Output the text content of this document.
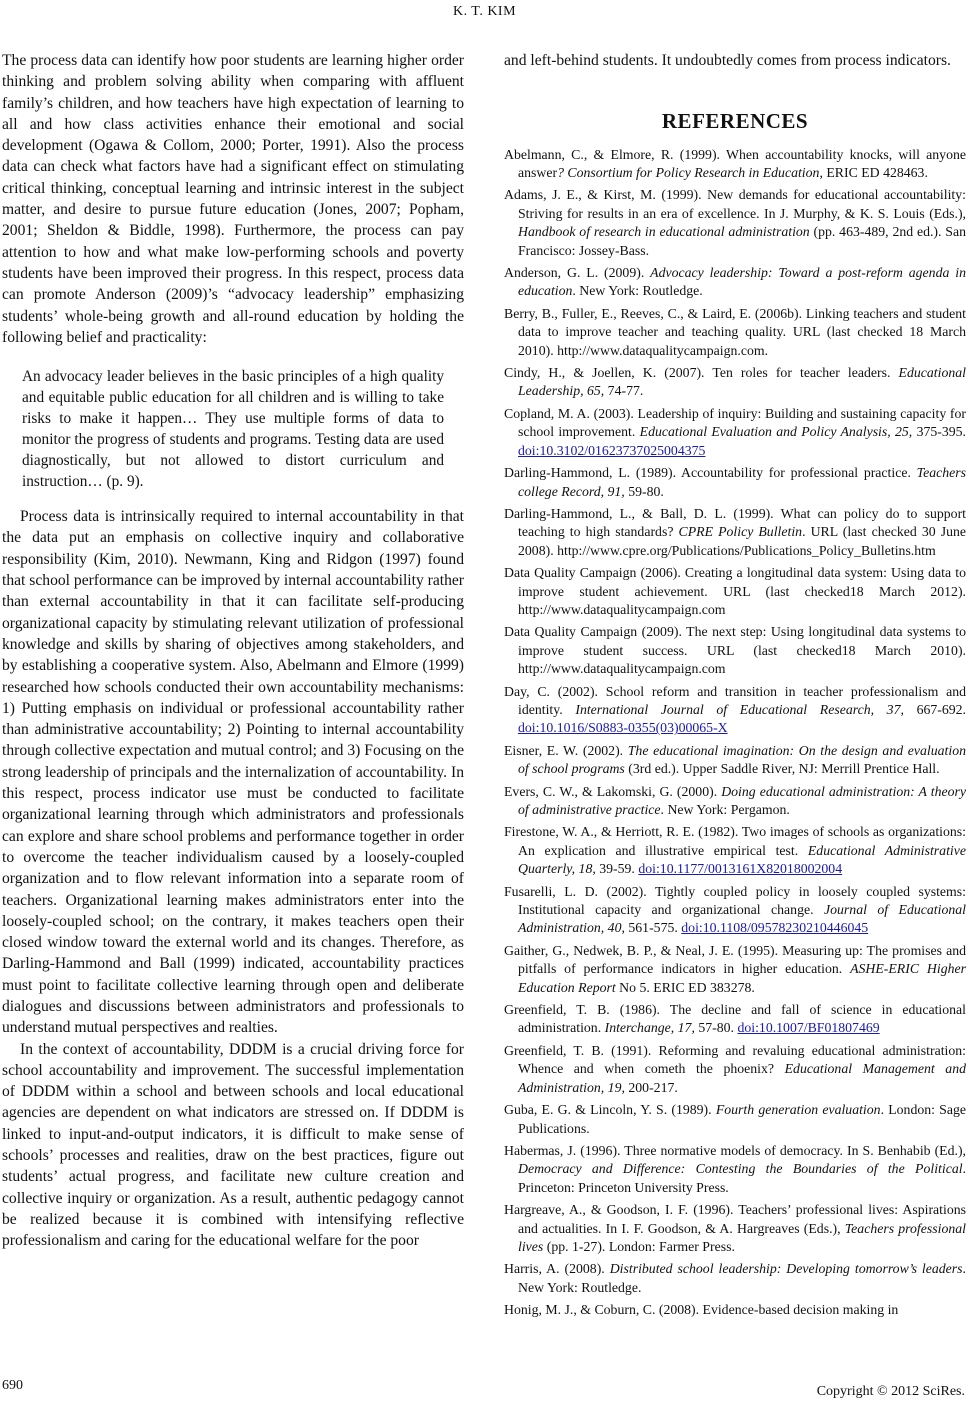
K. T. KIM

The process data can identify how poor students are learning higher order thinking and problem solving ability when comparing with affluent family’s children, and how teachers have high expectation of learning to all and how class activities enhance their emotional and social development (Ogawa & Collom, 2000; Porter, 1991). Also the process data can check what factors have had a significant effect on stimulating critical thinking, conceptual learning and intrinsic interest in the subject matter, and desire to pursue future education (Jones, 2007; Popham, 2001; Sheldon & Biddle, 1998). Furthermore, the process can pay attention to how and what make low-performing schools and poverty students have been improved their progress. In this respect, process data can promote Anderson (2009)’s “advocacy leadership” emphasizing students’ whole-being growth and all-round education by holding the following belief and practicality:

An advocacy leader believes in the basic principles of a high quality and equitable public education for all children and is willing to take risks to make it happen… They use multiple forms of data to monitor the progress of students and programs. Testing data are used diagnostically, but not allowed to distort curriculum and instruction… (p. 9).

Process data is intrinsically required to internal accountability in that the data put an emphasis on collective inquiry and collaborative responsibility (Kim, 2010). Newmann, King and Ridgon (1997) found that school performance can be improved by internal accountability rather than external accountability in that it can facilitate self-producing organizational capacity by stimulating relevant utilization of professional knowledge and skills by sharing of objectives among stakeholders, and by establishing a cooperative system. Also, Abelmann and Elmore (1999) researched how schools conducted their own accountability mechanisms: 1) Putting emphasis on individual or professional accountability rather than administrative accountability; 2) Pointing to internal accountability through collective expectation and mutual control; and 3) Focusing on the strong leadership of principals and the internalization of accountability. In this respect, process indicator use must be conducted to facilitate organizational learning through which administrators and professionals can explore and share school problems and performance together in order to overcome the teacher individualism caused by a loosely-coupled organization and to flow relevant information into a separate room of teachers. Organizational learning makes administrators enter into the loosely-coupled school; on the contrary, it makes teachers open their closed window toward the external world and its changes. Therefore, as Darling-Hammond and Ball (1999) indicated, accountability practices must point to facilitate collective learning through open and deliberate dialogues and discussions between administrators and professionals to understand mutual perspectives and realties.

In the context of accountability, DDDM is a crucial driving force for school accountability and improvement. The successful implementation of DDDM within a school and between schools and local educational agencies are dependent on what indicators are stressed on. If DDDM is linked to input-and-output indicators, it is difficult to make sense of schools’ processes and realities, draw on the best practices, figure out students’ actual progress, and facilitate new culture creation and collective inquiry or organization. As a result, authentic pedagogy cannot be realized because it is combined with intensifying reflective professionalism and caring for the educational welfare for the poor

and left-behind students. It undoubtedly comes from process indicators.

REFERENCES
Abelmann, C., & Elmore, R. (1999). When accountability knocks, will anyone answer? Consortium for Policy Research in Education, ERIC ED 428463.
Adams, J. E., & Kirst, M. (1999). New demands for educational accountability: Striving for results in an era of excellence. In J. Murphy, & K. S. Louis (Eds.), Handbook of research in educational administration (pp. 463-489, 2nd ed.). San Francisco: Jossey-Bass.
Anderson, G. L. (2009). Advocacy leadership: Toward a post-reform agenda in education. New York: Routledge.
Berry, B., Fuller, E., Reeves, C., & Laird, E. (2006b). Linking teachers and student data to improve teacher and teaching quality. URL (last checked 18 March 2010). http://www.dataqualitycampaign.com.
Cindy, H., & Joellen, K. (2007). Ten roles for teacher leaders. Educational Leadership, 65, 74-77.
Copland, M. A. (2003). Leadership of inquiry: Building and sustaining capacity for school improvement. Educational Evaluation and Policy Analysis, 25, 375-395. doi:10.3102/01623737025004375
Darling-Hammond, L. (1989). Accountability for professional practice. Teachers college Record, 91, 59-80.
Darling-Hammond, L., & Ball, D. L. (1999). What can policy do to support teaching to high standards? CPRE Policy Bulletin. URL (last checked 30 June 2008). http://www.cpre.org/Publications/Publications_Policy_Bulletins.htm
Data Quality Campaign (2006). Creating a longitudinal data system: Using data to improve student achievement. URL (last checked18 March 2012). http://www.dataqualitycampaign.com
Data Quality Campaign (2009). The next step: Using longitudinal data systems to improve student success. URL (last checked18 March 2010). http://www.dataqualitycampaign.com
Day, C. (2002). School reform and transition in teacher professionalism and identity. International Journal of Educational Research, 37, 667-692. doi:10.1016/S0883-0355(03)00065-X
Eisner, E. W. (2002). The educational imagination: On the design and evaluation of school programs (3rd ed.). Upper Saddle River, NJ: Merrill Prentice Hall.
Evers, C. W., & Lakomski, G. (2000). Doing educational administration: A theory of administrative practice. New York: Pergamon.
Firestone, W. A., & Herriott, R. E. (1982). Two images of schools as organizations: An explication and illustrative empirical test. Educational Administrative Quarterly, 18, 39-59. doi:10.1177/0013161X82018002004
Fusarelli, L. D. (2002). Tightly coupled policy in loosely coupled systems: Institutional capacity and organizational change. Journal of Educational Administration, 40, 561-575. doi:10.1108/09578230210446045
Gaither, G., Nedwek, B. P., & Neal, J. E. (1995). Measuring up: The promises and pitfalls of performance indicators in higher education. ASHE-ERIC Higher Education Report No 5. ERIC ED 383278.
Greenfield, T. B. (1986). The decline and fall of science in educational administration. Interchange, 17, 57-80. doi:10.1007/BF01807469
Greenfield, T. B. (1991). Reforming and revaluing educational administration: Whence and when cometh the phoenix? Educational Management and Administration, 19, 200-217.
Guba, E. G. & Lincoln, Y. S. (1989). Fourth generation evaluation. London: Sage Publications.
Habermas, J. (1996). Three normative models of democracy. In S. Benhabib (Ed.), Democracy and Difference: Contesting the Boundaries of the Political. Princeton: Princeton University Press.
Hargreave, A., & Goodson, I. F. (1996). Teachers’ professional lives: Aspirations and actualities. In I. F. Goodson, & A. Hargreaves (Eds.), Teachers professional lives (pp. 1-27). London: Farmer Press.
Harris, A. (2008). Distributed school leadership: Developing tomorrow’s leaders. New York: Routledge.
Honig, M. J., & Coburn, C. (2008). Evidence-based decision making in
690	Copyright © 2012 SciRes.
